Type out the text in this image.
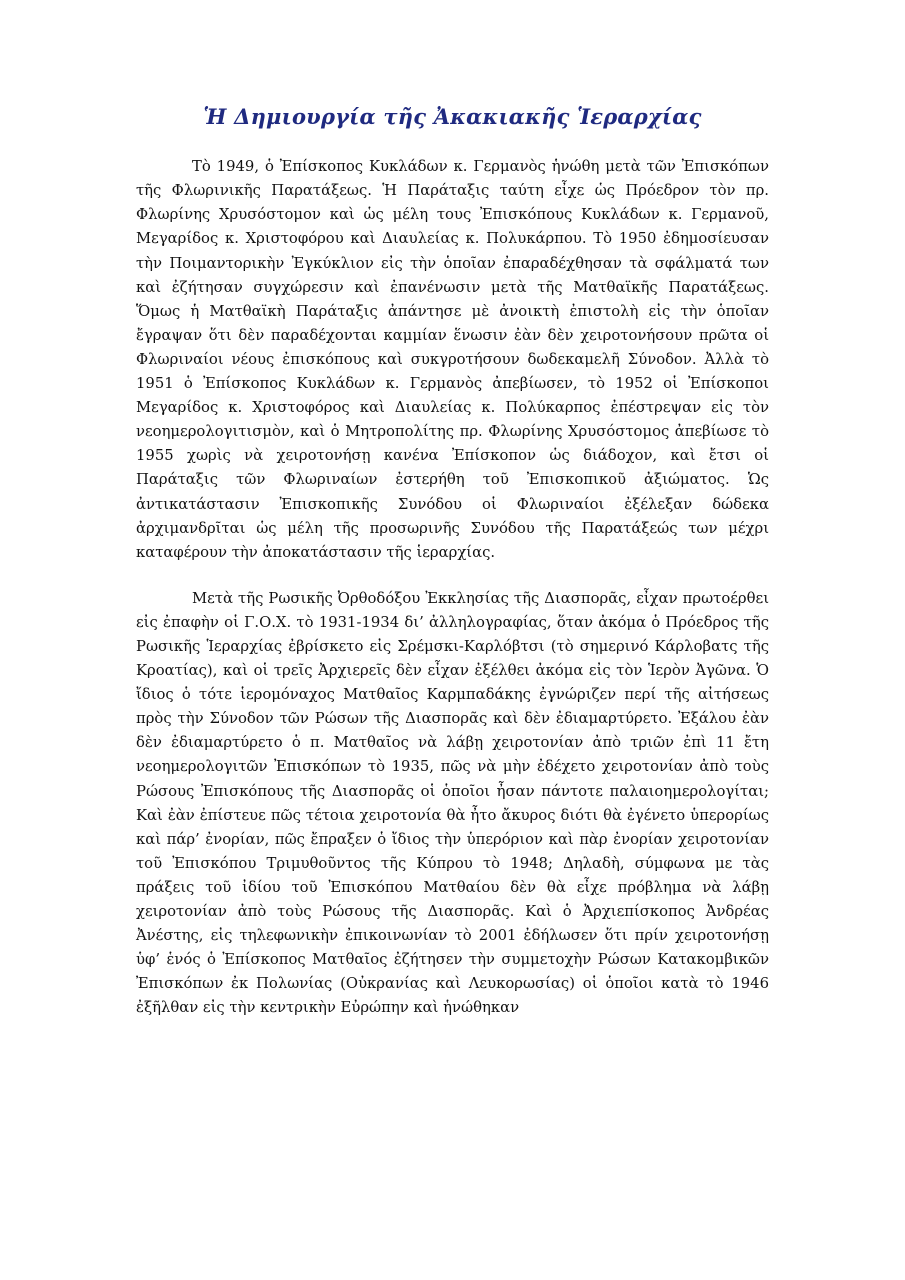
Ἡ Δημιουργία τῆς Ἀκακιακῆς Ἱεραρχίας

Τὸ 1949, ὁ Ἐπίσκοπος Κυκλάδων κ. Γερμανὸς ἡνώθη μετὰ τῶν Ἐπισκόπων τῆς Φλωρινικῆς Παρατάξεως. Ἡ Παράταξις ταύτη εἶχε ὡς Πρόεδρον τὸν πρ. Φλωρίνης Χρυσόστομον καὶ ὡς μέλη τους Ἐπισκόπους Κυκλάδων κ. Γερμανοῦ, Μεγαρίδος κ. Χριστοφόρου καὶ Διαυλείας κ. Πολυκάρπου. Τὸ 1950 ἐδημοσίευσαν τὴν Ποιμαντορικὴν Ἐγκύκλιον εἰς τὴν ὁποῖαν ἐπαραδέχθησαν τὰ σφάλματά των καὶ ἐζήτησαν συγχώρεσιν καὶ ἐπανένωσιν μετὰ τῆς Ματθαϊκῆς Παρατάξεως. Ὅμως ἡ Ματθαϊκὴ Παράταξις ἀπάντησε μὲ ἀνοικτὴ ἐπιστολὴ εἰς τὴν ὁποῖαν ἔγραψαν ὅτι δὲν παραδέχονται καμμίαν ἕνωσιν ἐὰν δὲν χειροτονήσουν πρῶτα οἱ Φλωριναίοι νέους ἐπισκόπους καὶ συκγροτήσουν δωδεκαμελῆ Σύνοδον. Ἀλλὰ τὸ 1951 ὁ Ἐπίσκοπος Κυκλάδων κ. Γερμανὸς ἀπεβίωσεν, τὸ 1952 οἱ Ἐπίσκοποι Μεγαρίδος κ. Χριστοφόρος καὶ Διαυλείας κ. Πολύκαρπος ἐπέστρεψαν εἰς τὸν νεοημερολογιτισμὸν, καὶ ὁ Μητροπολίτης πρ. Φλωρίνης Χρυσόστομος ἀπεβίωσε τὸ 1955 χωρὶς νὰ χειροτονήσῃ κανένα Ἐπίσκοπον ὡς διάδοχον, καὶ ἔτσι οἱ Παράταξις τῶν Φλωριναίων ἐστερήθη τοῦ Ἐπισκοπικοῦ ἀξιώματος. Ὡς ἀντικατάστασιν Ἐπισκοπικῆς Συνόδου οἱ Φλωριναίοι ἐξέλεξαν δώδεκα ἀρχιμανδρῖται ὡς μέλη τῆς προσωρινῆς Συνόδου τῆς Παρατάξεώς των μέχρι καταφέρουν τὴν ἀποκατάστασιν τῆς ἱεραρχίας.

Μετὰ τῆς Ρωσικῆς Ὀρθοδόξου Ἐκκλησίας τῆς Διασπορᾶς, εἶχαν πρωτοέρθει εἰς ἐπαφὴν οἱ Γ.Ο.Χ. τὸ 1931-1934 δι’ ἀλληλογραφίας, ὅταν ἀκόμα ὁ Πρόεδρος τῆς Ρωσικῆς Ἱεραρχίας ἐβρίσκετο εἰς Σρέμσκι-Καρλόβτσι (τὸ σημερινό Κάρλοβατς τῆς Κροατίας), καὶ οἱ τρεῖς Ἀρχιερεῖς δὲν εἶχαν ἐξέλθει ἀκόμα εἰς τὸν Ἱερὸν Ἀγῶνα. Ὁ ἴδιος ὁ τότε ἱερομόναχος Ματθαῖος Καρμπαδάκης ἐγνώριζεν περί τῆς αἰτήσεως πρὸς τὴν Σύνοδον τῶν Ρώσων τῆς Διασπορᾶς καὶ δὲν ἐδιαμαρτύρετο. Ἐξάλου ἐὰν δὲν ἐδιαμαρτύρετο ὁ π. Ματθαῖος νὰ λάβῃ χειροτονίαν ἀπὸ τριῶν ἐπὶ 11 ἔτη νεοημερολογιτῶν Ἐπισκόπων τὸ 1935, πῶς νὰ μὴν ἐδέχετο χειροτονίαν ἀπὸ τοὺς Ρώσους Ἐπισκόπους τῆς Διασπορᾶς οἱ ὁποῖοι ἦσαν πάντοτε παλαιοημερολογίται; Καὶ ἐὰν ἐπίστευε πῶς τέτοια χειροτονία θὰ ἦτο ἄκυρος διότι θὰ ἐγένετο ὑπερορίως καὶ πάρ’ ἐνορίαν, πῶς ἔπραξεν ὁ ἴδιος τὴν ὑπερόριον καὶ πὰρ ἐνορίαν χειροτονίαν τοῦ Ἐπισκόπου Τριμυθοῦντος τῆς Κύπρου τὸ 1948; Δηλαδὴ, σύμφωνα με τὰς πράξεις τοῦ ἰδίου τοῦ Ἐπισκόπου Ματθαίου δὲν θὰ εἶχε πρόβλημα νὰ λάβῃ χειροτονίαν ἀπὸ τοὺς Ρώσους τῆς Διασπορᾶς. Καὶ ὁ Ἀρχιεπίσκοπος Ἀνδρέας Ἀνέστης, εἰς τηλεφωνικὴν ἐπικοινωνίαν τὸ 2001 ἐδήλωσεν ὅτι πρίν χειροτονήσῃ ὑφ’ ἑνός ὁ Ἐπίσκοπος Ματθαῖος ἐζήτησεν τὴν συμμετοχὴν Ρώσων Κατακομβικῶν Ἐπισκόπων ἐκ Πολωνίας (Οὐκρανίας καὶ Λευκορωσίας) οἱ ὁποῖοι κατὰ τὸ 1946 ἐξῆλθαν εἰς τὴν κεντρικὴν Εὐρώπην καὶ ἡνώθηκαν
